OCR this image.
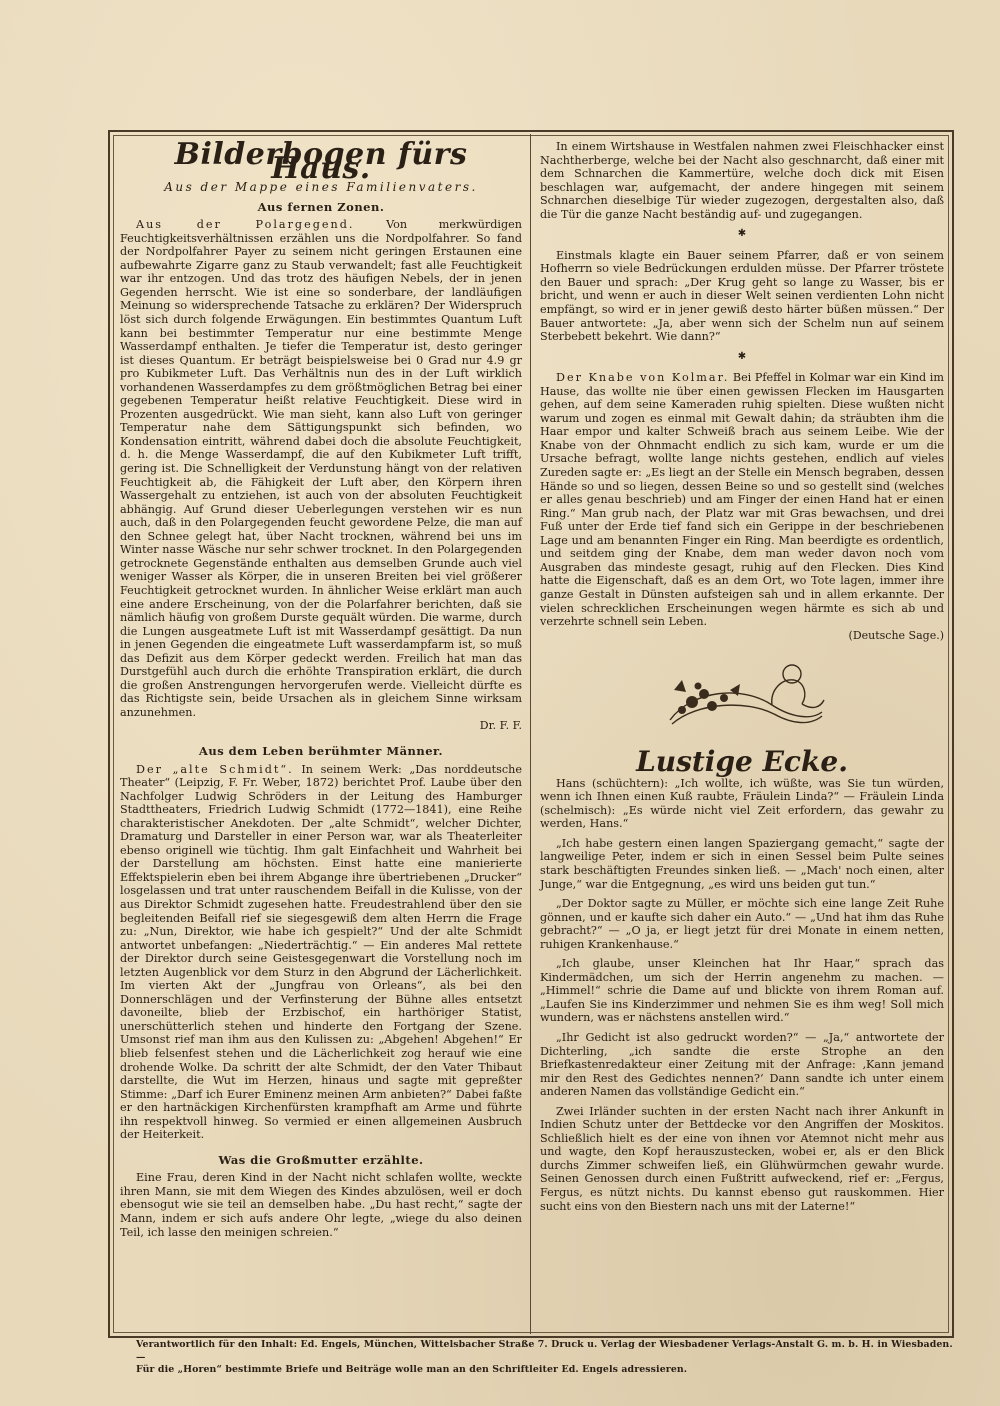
Bilderbogen fürs Haus.
Aus der Mappe eines Familienvaters.
Aus fernen Zonen.

Aus der Polargegend.	Von merkwürdigen Feuchtigkeitsverhältnissen erzählen uns die Nordpolfahrer. So fand der Nordpolfahrer Payer zu seinem nicht geringen Erstaunen eine aufbewahrte Zigarre ganz zu Staub verwandelt; fast alle Feuchtigkeit war ihr entzogen. Und das trotz des häufigen Nebels, der in jenen Gegenden herrscht. Wie ist eine so sonderbare, der landläufigen Meinung so widersprechende Tatsache zu erklären? Der Widerspruch löst sich durch folgende Erwägungen. Ein bestimmtes Quantum Luft kann bei bestimmter Temperatur nur eine bestimmte Menge Wasserdampf enthalten. Je tiefer die Temperatur ist, desto geringer ist dieses Quantum. Er beträgt beispielsweise bei 0 Grad nur 4.9 gr pro Kubikmeter Luft. Das Verhältnis nun des in der Luft wirklich vorhandenen Wasserdampfes zu dem größtmöglichen Betrag bei einer gegebenen Temperatur heißt relative Feuchtigkeit. Diese wird in Prozenten ausgedrückt. Wie man sieht, kann also Luft von geringer Temperatur nahe dem Sättigungspunkt sich befinden, wo Kondensation eintritt, während dabei doch die absolute Feuchtigkeit, d. h. die Menge Wasserdampf, die auf den Kubikmeter Luft trifft, gering ist. Die Schnelligkeit der Verdunstung hängt von der relativen Feuchtigkeit ab, die Fähigkeit der Luft aber, den Körpern ihren Wassergehalt zu entziehen, ist auch von der absoluten Feuchtigkeit abhängig. Auf Grund dieser Ueberlegungen verstehen wir es nun auch, daß in den Polargegenden feucht gewordene Pelze, die man auf den Schnee gelegt hat, über Nacht trocknen, während bei uns im Winter nasse Wäsche nur sehr schwer trocknet. In den Polargegenden getrocknete Gegenstände enthalten aus demselben Grunde auch viel weniger Wasser als Körper, die in unseren Breiten bei viel größerer Feuchtigkeit getrocknet wurden. In ähnlicher Weise erklärt man auch eine andere Erscheinung, von der die Polarfahrer berichten, daß sie nämlich häufig von großem Durste gequält würden. Die warme, durch die Lungen ausgeatmete Luft ist mit Wasserdampf gesättigt. Da nun in jenen Gegenden die eingeatmete Luft wasserdampfarm ist, so muß das Defizit aus dem Körper gedeckt werden. Freilich hat man das Durstgefühl auch durch die erhöhte Transpiration erklärt, die durch die großen Anstrengungen hervorgerufen werde. Vielleicht dürfte es das Richtigste sein, beide Ursachen als in gleichem Sinne wirksam anzunehmen.

Dr. F. F.
Aus dem Leben berühmter Männer.

Der „alte Schmidt“. In seinem Werk: „Das norddeutsche Theater“ (Leipzig, F. Fr. Weber, 1872) berichtet Prof. Laube über den Nachfolger Ludwig Schröders in der Leitung des Hamburger Stadttheaters, Friedrich Ludwig Schmidt (1772—1841), eine Reihe charakteristischer Anekdoten. Der „alte Schmidt“, welcher Dichter, Dramaturg und Darsteller in einer Person war, war als Theaterleiter ebenso originell wie tüchtig. Ihm galt Einfachheit und Wahrheit bei der Darstellung am höchsten. Einst hatte eine manierierte Effektspielerin eben bei ihrem Abgange ihre übertriebenen „Drucker“ losgelassen und trat unter rauschendem Beifall in die Kulisse, von der aus Direktor Schmidt zugesehen hatte. Freudestrahlend über den sie begleitenden Beifall rief sie siegesgewiß dem alten Herrn die Frage zu: „Nun, Direktor, wie habe ich gespielt?“ Und der alte Schmidt antwortet unbefangen: „Niederträchtig.“ — Ein anderes Mal rettete der Direktor durch seine Geistesgegenwart die Vorstellung noch im letzten Augenblick vor dem Sturz in den Abgrund der Lächerlichkeit. Im vierten Akt der „Jungfrau von Orleans“, als bei den Donnerschlägen und der Verfinsterung der Bühne alles entsetzt davoneilte, blieb der Erzbischof, ein harthöriger Statist, unerschütterlich stehen und hinderte den Fortgang der Szene. Umsonst rief man ihm aus den Kulissen zu: „Abgehen! Abgehen!“ Er blieb felsenfest stehen und die Lächerlichkeit zog herauf wie eine drohende Wolke. Da schritt der alte Schmidt, der den Vater Thibaut darstellte, die Wut im Herzen, hinaus und sagte mit gepreßter Stimme: „Darf ich Eurer Eminenz meinen Arm anbieten?“ Dabei faßte er den hartnäckigen Kirchenfürsten krampfhaft am Arme und führte ihn respektvoll hinweg. So vermied er einen allgemeinen Ausbruch der Heiterkeit.

Was die Großmutter erzählte.

Eine Frau, deren Kind in der Nacht nicht schlafen wollte, weckte ihren Mann, sie mit dem Wiegen des Kindes abzulösen, weil er doch ebensogut wie sie teil an demselben habe. „Du hast recht,“ sagte der Mann, indem er sich aufs andere Ohr legte, „wiege du also deinen Teil, ich lasse den meinigen schreien.“

In einem Wirtshause in Westfalen nahmen zwei Fleischhacker einst Nachtherberge, welche bei der Nacht also geschnarcht, daß einer mit dem Schnarchen die Kammertüre, welche doch dick mit Eisen beschlagen war, aufgemacht, der andere hingegen mit seinem Schnarchen dieselbige Tür wieder zugezogen, dergestalten also, daß die Tür die ganze Nacht beständig auf- und zugegangen.

✱

Einstmals klagte ein Bauer seinem Pfarrer, daß er von seinem Hofherrn so viele Bedrückungen erdulden müsse. Der Pfarrer tröstete den Bauer und sprach: „Der Krug geht so lange zu Wasser, bis er bricht, und wenn er auch in dieser Welt seinen verdienten Lohn nicht empfängt, so wird er in jener gewiß desto härter büßen müssen.“ Der Bauer antwortete: „Ja, aber wenn sich der Schelm nun auf seinem Sterbebett bekehrt. Wie dann?“

✱

Der Knabe von Kolmar. Bei Pfeffel in Kolmar war ein Kind im Hause, das wollte nie über einen gewissen Flecken im Hausgarten gehen, auf dem seine Kameraden ruhig spielten. Diese wußten nicht warum und zogen es einmal mit Gewalt dahin; da sträubten ihm die Haar empor und kalter Schweiß brach aus seinem Leibe. Wie der Knabe von der Ohnmacht endlich zu sich kam, wurde er um die Ursache befragt, wollte lange nichts gestehen, endlich auf vieles Zureden sagte er: „Es liegt an der Stelle ein Mensch begraben, dessen Hände so und so liegen, dessen Beine so und so gestellt sind (welches er alles genau beschrieb) und am Finger der einen Hand hat er einen Ring.“ Man grub nach, der Platz war mit Gras bewachsen, und drei Fuß unter der Erde tief fand sich ein Gerippe in der beschriebenen Lage und am benannten Finger ein Ring. Man beerdigte es ordentlich, und seitdem ging der Knabe, dem man weder davon noch vom Ausgraben das mindeste gesagt, ruhig auf den Flecken. Dies Kind hatte die Eigenschaft, daß es an dem Ort, wo Tote lagen, immer ihre ganze Gestalt in Dünsten aufsteigen sah und in allem erkannte. Der vielen schrecklichen Erscheinungen wegen härmte es sich ab und verzehrte schnell sein Leben.

(Deutsche Sage.)
Lustige Ecke.

Hans (schüchtern): „Ich wollte, ich wüßte, was Sie tun würden, wenn ich Ihnen einen Kuß raubte, Fräulein Linda?“ — Fräulein Linda (schelmisch): „Es würde nicht viel Zeit erfordern, das gewahr zu werden, Hans.“

„Ich habe gestern einen langen Spaziergang gemacht,“ sagte der langweilige Peter, indem er sich in einen Sessel beim Pulte seines stark beschäftigten Freundes sinken ließ. — „Mach' noch einen, alter Junge,“ war die Entgegnung, „es wird uns beiden gut tun.“

„Der Doktor sagte zu Müller, er möchte sich eine lange Zeit Ruhe gönnen, und er kaufte sich daher ein Auto.“ — „Und hat ihm das Ruhe gebracht?“ — „O ja, er liegt jetzt für drei Monate in einem netten, ruhigen Krankenhause.“

„Ich glaube, unser Kleinchen hat Ihr Haar,“ sprach das Kindermädchen, um sich der Herrin angenehm zu machen. — „Himmel!“ schrie die Dame auf und blickte von ihrem Roman auf. „Laufen Sie ins Kinderzimmer und nehmen Sie es ihm weg! Soll mich wundern, was er nächstens anstellen wird.“

„Ihr Gedicht ist also gedruckt worden?“ — „Ja,“ antwortete der Dichterling, „ich sandte die erste Strophe an den Briefkastenredakteur einer Zeitung mit der Anfrage: ‚Kann jemand mir den Rest des Gedichtes nennen?‘ Dann sandte ich unter einem anderen Namen das vollständige Gedicht ein.“

Zwei Irländer suchten in der ersten Nacht nach ihrer Ankunft in Indien Schutz unter der Bettdecke vor den Angriffen der Moskitos. Schließlich hielt es der eine von ihnen vor Atemnot nicht mehr aus und wagte, den Kopf herauszustecken, wobei er, als er den Blick durchs Zimmer schweifen ließ, ein Glühwürmchen gewahr wurde. Seinen Genossen durch einen Fußtritt aufweckend, rief er: „Fergus, Fergus, es nützt nichts. Du kannst ebenso gut rauskommen. Hier sucht eins von den Biestern nach uns mit der Laterne!“

Verantwortlich für den Inhalt: Ed. Engels, München, Wittelsbacher Straße 7. Druck u. Verlag der Wiesbadener Verlags-Anstalt G. m. b. H. in Wiesbaden. —
Für die „Horen“ bestimmte Briefe und Beiträge wolle man an den Schriftleiter Ed. Engels adressieren.
